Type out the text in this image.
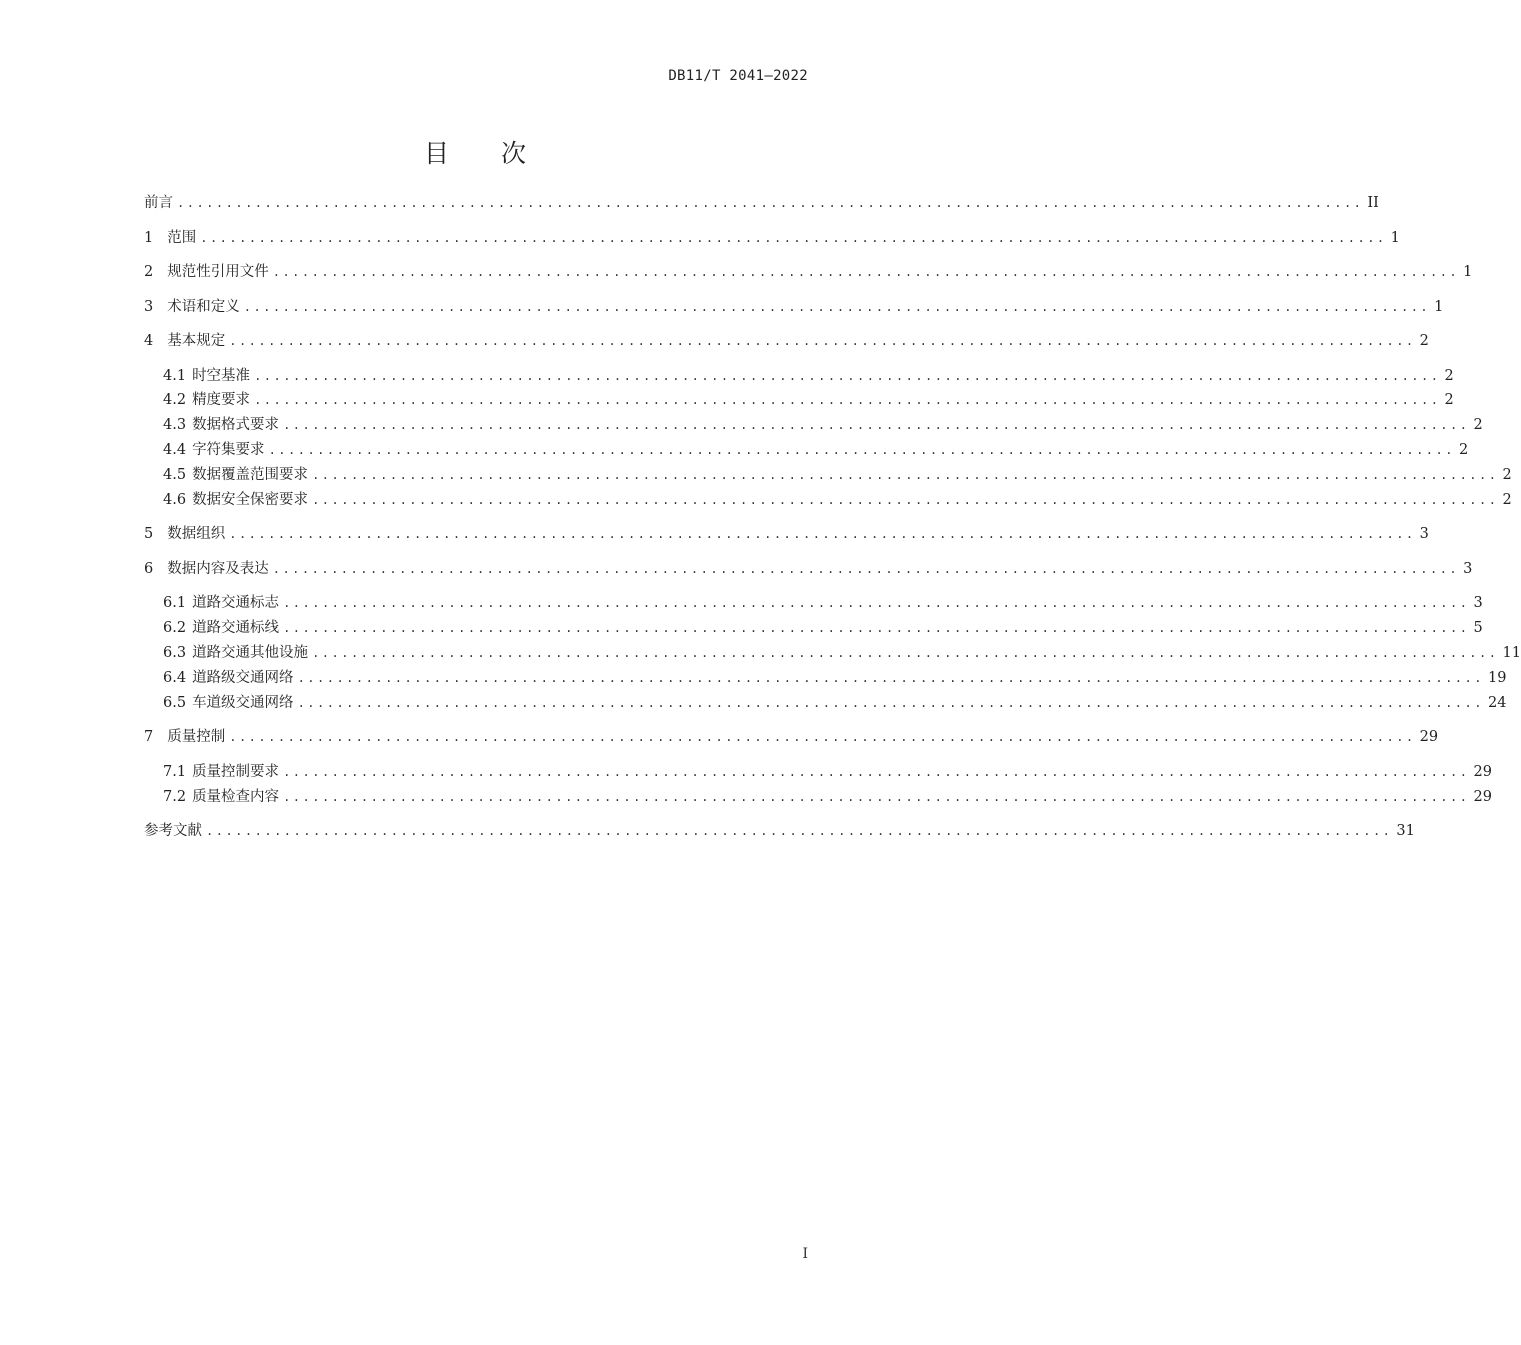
DB11/T 2041—2022
目 次
前言 .......................................................................................................................... II
1 范围 .......................................................................................................................... 1
2 规范性引用文件 .......................................................................................................................... 1
3 术语和定义 .......................................................................................................................... 1
4 基本规定 .......................................................................................................................... 2
4.1 时空基准 .......................................................................................................................... 2
4.2 精度要求 .......................................................................................................................... 2
4.3 数据格式要求 .......................................................................................................................... 2
4.4 字符集要求 .......................................................................................................................... 2
4.5 数据覆盖范围要求 .......................................................................................................................... 2
4.6 数据安全保密要求 .......................................................................................................................... 2
5 数据组织 .......................................................................................................................... 3
6 数据内容及表达 .......................................................................................................................... 3
6.1 道路交通标志 .......................................................................................................................... 3
6.2 道路交通标线 .......................................................................................................................... 5
6.3 道路交通其他设施 .......................................................................................................................... 11
6.4 道路级交通网络 .......................................................................................................................... 19
6.5 车道级交通网络 .......................................................................................................................... 24
7 质量控制 .......................................................................................................................... 29
7.1 质量控制要求 .......................................................................................................................... 29
7.2 质量检查内容 .......................................................................................................................... 29
参考文献 .......................................................................................................................... 31
I
